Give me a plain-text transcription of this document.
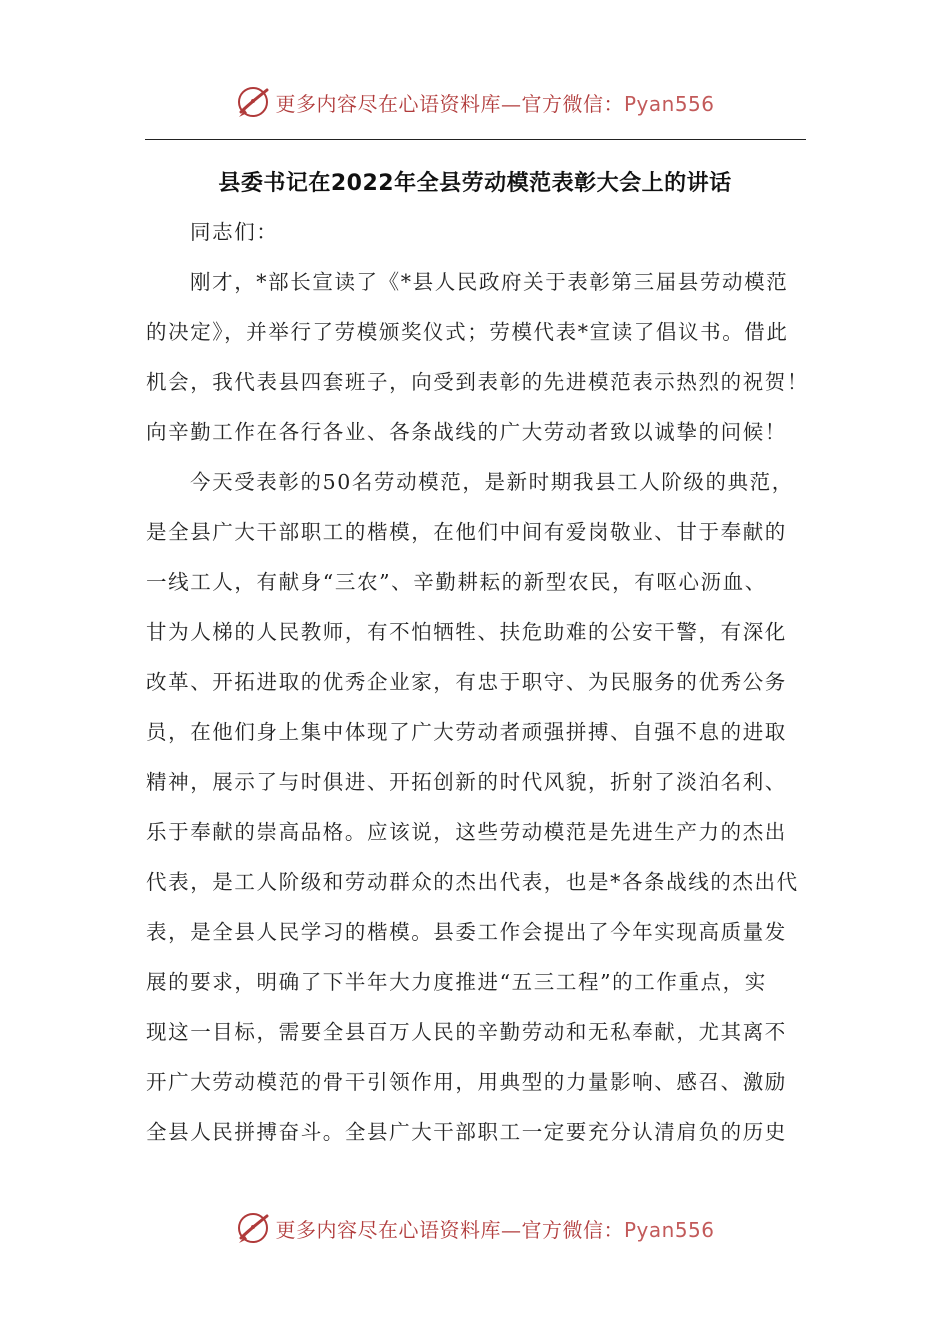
更多内容尽在心语资料库—官方微信：Pyan556
县委书记在2022年全县劳动模范表彰大会上的讲话
同志们：
刚才，*部长宣读了《*县人民政府关于表彰第三届县劳动模范
的决定》，并举行了劳模颁奖仪式；劳模代表*宣读了倡议书。借此
机会，我代表县四套班子，向受到表彰的先进模范表示热烈的祝贺！
向辛勤工作在各行各业、各条战线的广大劳动者致以诚挚的问候！
今天受表彰的50名劳动模范，是新时期我县工人阶级的典范，
是全县广大干部职工的楷模，在他们中间有爱岗敬业、甘于奉献的
一线工人，有献身“三农”、辛勤耕耘的新型农民，有呕心沥血、
甘为人梯的人民教师，有不怕牺牲、扶危助难的公安干警，有深化
改革、开拓进取的优秀企业家，有忠于职守、为民服务的优秀公务
员，在他们身上集中体现了广大劳动者顽强拼搏、自强不息的进取
精神，展示了与时俱进、开拓创新的时代风貌，折射了淡泊名利、
乐于奉献的崇高品格。应该说，这些劳动模范是先进生产力的杰出
代表，是工人阶级和劳动群众的杰出代表，也是*各条战线的杰出代
表，是全县人民学习的楷模。县委工作会提出了今年实现高质量发
展的要求，明确了下半年大力度推进“五三工程”的工作重点，实
现这一目标，需要全县百万人民的辛勤劳动和无私奉献，尤其离不
开广大劳动模范的骨干引领作用，用典型的力量影响、感召、激励
全县人民拼搏奋斗。全县广大干部职工一定要充分认清肩负的历史
更多内容尽在心语资料库—官方微信：Pyan556
